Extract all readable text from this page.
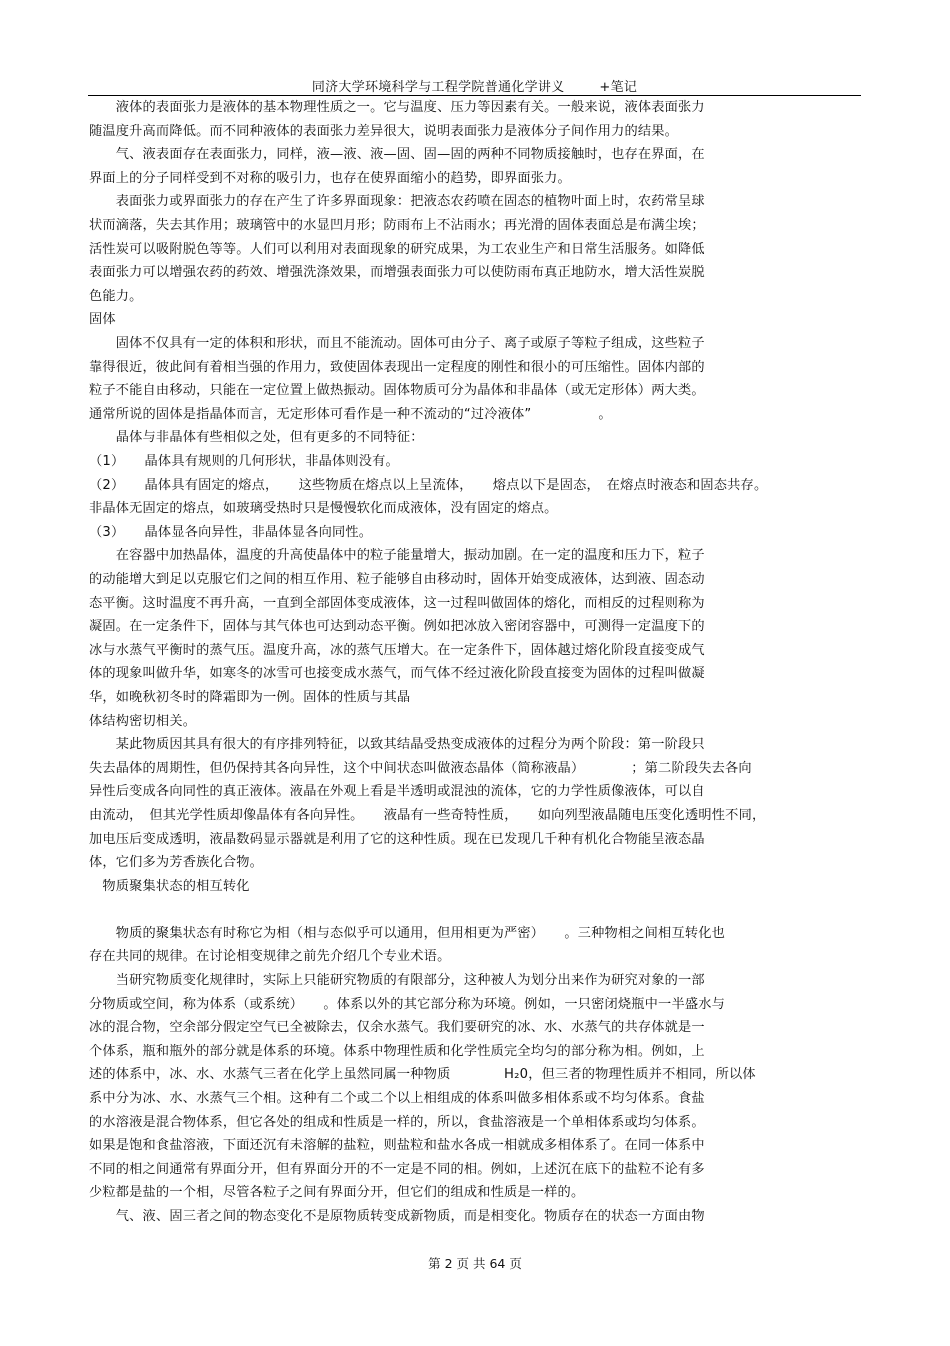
同济大学环境科学与工程学院普通化学讲义	+笔记
　　液体的表面张力是液体的基本物理性质之一。它与温度、压力等因素有关。一般来说，液体表面张力
随温度升高而降低。而不同种液体的表面张力差异很大，说明表面张力是液体分子间作用力的结果。
　　气、液表面存在表面张力，同样，液—液、液—固、固—固的两种不同物质接触时，也存在界面，在
界面上的分子同样受到不对称的吸引力，也存在使界面缩小的趋势，即界面张力。
　　表面张力或界面张力的存在产生了许多界面现象：把液态农药喷在固态的植物叶面上时，农药常呈球
状而滴落，失去其作用；玻璃管中的水显凹月形；防雨布上不沾雨水；再光滑的固体表面总是布满尘埃；
活性炭可以吸附脱色等等。人们可以利用对表面现象的研究成果，为工农业生产和日常生活服务。如降低
表面张力可以增强农药的药效、增强洗涤效果，而增强表面张力可以使防雨布真正地防水，增大活性炭脱
色能力。
固体
　　固体不仅具有一定的体积和形状，而且不能流动。固体可由分子、离子或原子等粒子组成，这些粒子
靠得很近，彼此间有着相当强的作用力，致使固体表现出一定程度的刚性和很小的可压缩性。固体内部的
粒子不能自由移动，只能在一定位置上做热振动。固体物质可分为晶体和非晶体（或无定形体）两大类。
通常所说的固体是指晶体而言，无定形体可看作是一种不流动的“过冷液体”　　　　　。
　　晶体与非晶体有些相似之处，但有更多的不同特征：
（1）　　晶体具有规则的几何形状，非晶体则没有。
（2）　　晶体具有固定的熔点，　　这些物质在熔点以上呈流体，　　熔点以下是固态，　在熔点时液态和固态共存。
非晶体无固定的熔点，如玻璃受热时只是慢慢软化而成液体，没有固定的熔点。
（3）　　晶体显各向异性，非晶体显各向同性。
　　在容器中加热晶体，温度的升高使晶体中的粒子能量增大，振动加剧。在一定的温度和压力下，粒子
的动能增大到足以克服它们之间的相互作用、粒子能够自由移动时，固体开始变成液体，达到液、固态动
态平衡。这时温度不再升高，一直到全部固体变成液体，这一过程叫做固体的熔化，而相反的过程则称为
凝固。在一定条件下，固体与其气体也可达到动态平衡。例如把冰放入密闭容器中，可测得一定温度下的
冰与水蒸气平衡时的蒸气压。温度升高，冰的蒸气压增大。在一定条件下，固体越过熔化阶段直接变成气
体的现象叫做升华，如寒冬的冰雪可也接变成水蒸气，而气体不经过液化阶段直接变为固体的过程叫做凝
华，如晚秋初冬时的降霜即为一例。固体的性质与其晶
体结构密切相关。
　　某此物质因其具有很大的有序排列特征，以致其结晶受热变成液体的过程分为两个阶段：第一阶段只
失去晶体的周期性，但仍保持其各向异性，这个中间状态叫做液态晶体（简称液晶）　　　　；第二阶段失去各向
异性后变成各向同性的真正液体。液晶在外观上看是半透明或混浊的流体，它的力学性质像液体，可以自
由流动，　但其光学性质却像晶体有各向异性。　　液晶有一些奇特性质，　　如向列型液晶随电压变化透明性不同，
加电压后变成透明，液晶数码显示器就是利用了它的这种性质。现在已发现几千种有机化合物能呈液态晶
体，它们多为芳香族化合物。
　物质聚集状态的相互转化
　　物质的聚集状态有时称它为相（相与态似乎可以通用，但用相更为严密）　　。三种物相之间相互转化也
存在共同的规律。在讨论相变规律之前先介绍几个专业术语。
　　当研究物质变化规律时，实际上只能研究物质的有限部分，这种被人为划分出来作为研究对象的一部
分物质或空间，称为体系（或系统）　　。体系以外的其它部分称为环境。例如，一只密闭烧瓶中一半盛水与
冰的混合物，空余部分假定空气已全被除去，仅余水蒸气。我们要研究的冰、水、水蒸气的共存体就是一
个体系，瓶和瓶外的部分就是体系的环境。体系中物理性质和化学性质完全均匀的部分称为相。例如，上
述的体系中，冰、水、水蒸气三者在化学上虽然同属一种物质　　　　H₂0，但三者的物理性质并不相同，所以体
系中分为冰、水、水蒸气三个相。这种有二个或二个以上相组成的体系叫做多相体系或不均匀体系。食盐
的水溶液是混合物体系，但它各处的组成和性质是一样的，所以，食盐溶液是一个单相体系或均匀体系。
如果是饱和食盐溶液，下面还沉有未溶解的盐粒，则盐粒和盐水各成一相就成多相体系了。在同一体系中
不同的相之间通常有界面分开，但有界面分开的不一定是不同的相。例如，上述沉在底下的盐粒不论有多
少粒都是盐的一个相，尽管各粒子之间有界面分开，但它们的组成和性质是一样的。
　　气、液、固三者之间的物态变化不是原物质转变成新物质，而是相变化。物质存在的状态一方面由物
第 2 页 共 64 页
